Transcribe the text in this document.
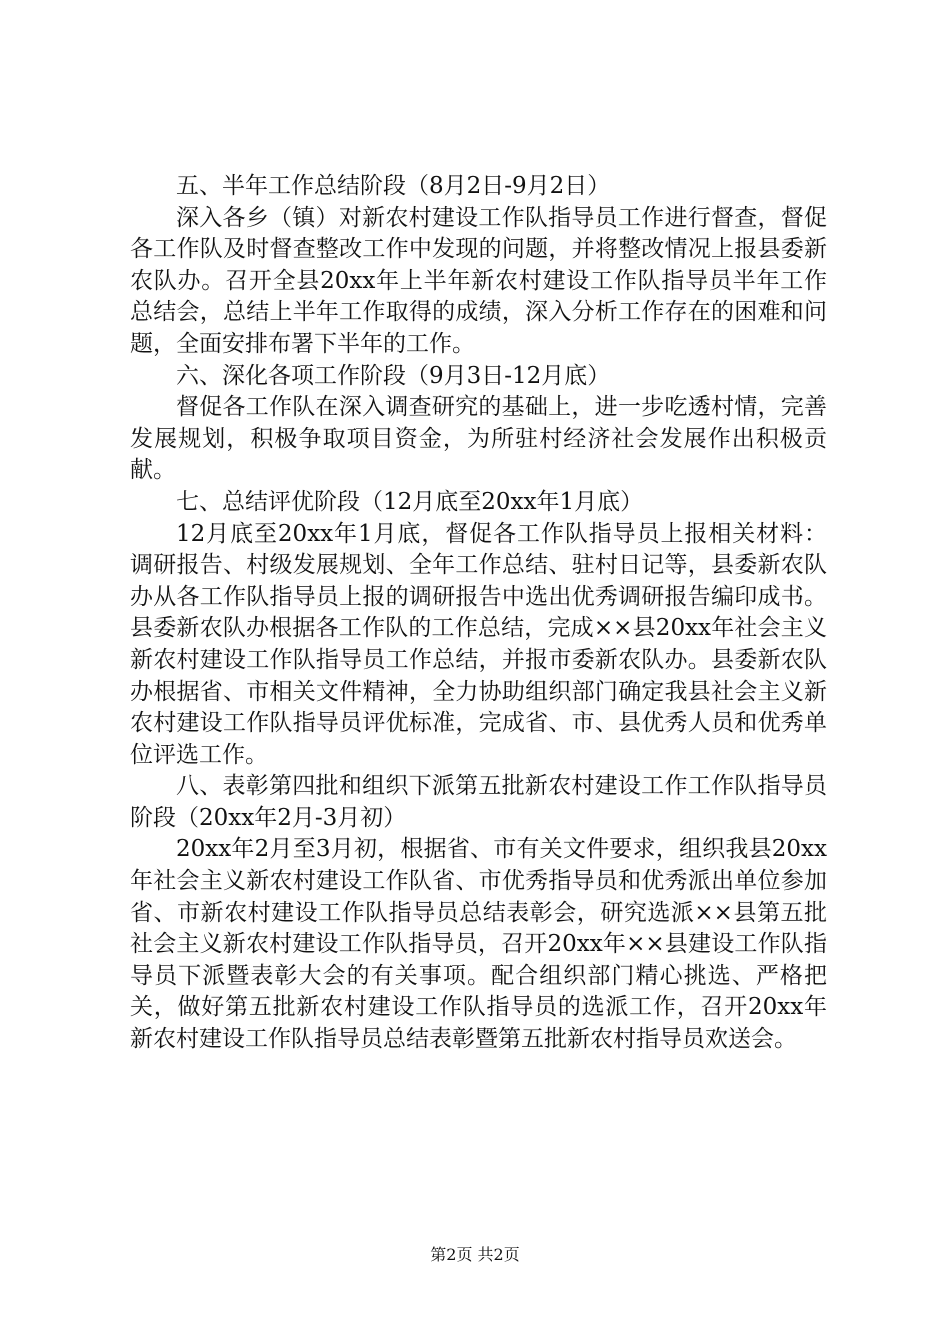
五、半年工作总结阶段（8月2日-9月2日）

深入各乡（镇）对新农村建设工作队指导员工作进行督查，督促各工作队及时督查整改工作中发现的问题，并将整改情况上报县委新农队办。召开全县20xx年上半年新农村建设工作队指导员半年工作总结会，总结上半年工作取得的成绩，深入分析工作存在的困难和问题，全面安排布署下半年的工作。

六、深化各项工作阶段（9月3日-12月底）

督促各工作队在深入调查研究的基础上，进一步吃透村情，完善发展规划，积极争取项目资金，为所驻村经济社会发展作出积极贡献。

七、总结评优阶段（12月底至20xx年1月底）

12月底至20xx年1月底，督促各工作队指导员上报相关材料：调研报告、村级发展规划、全年工作总结、驻村日记等，县委新农队办从各工作队指导员上报的调研报告中选出优秀调研报告编印成书。县委新农队办根据各工作队的工作总结，完成××县20xx年社会主义新农村建设工作队指导员工作总结，并报市委新农队办。县委新农队办根据省、市相关文件精神，全力协助组织部门确定我县社会主义新农村建设工作队指导员评优标准，完成省、市、县优秀人员和优秀单位评选工作。

八、表彰第四批和组织下派第五批新农村建设工作工作队指导员阶段（20xx年2月-3月初）

20xx年2月至3月初，根据省、市有关文件要求，组织我县20xx年社会主义新农村建设工作队省、市优秀指导员和优秀派出单位参加省、市新农村建设工作队指导员总结表彰会，研究选派××县第五批社会主义新农村建设工作队指导员，召开20xx年××县建设工作队指导员下派暨表彰大会的有关事项。配合组织部门精心挑选、严格把关，做好第五批新农村建设工作队指导员的选派工作，召开20xx年新农村建设工作队指导员总结表彰暨第五批新农村指导员欢送会。

第2页 共2页
